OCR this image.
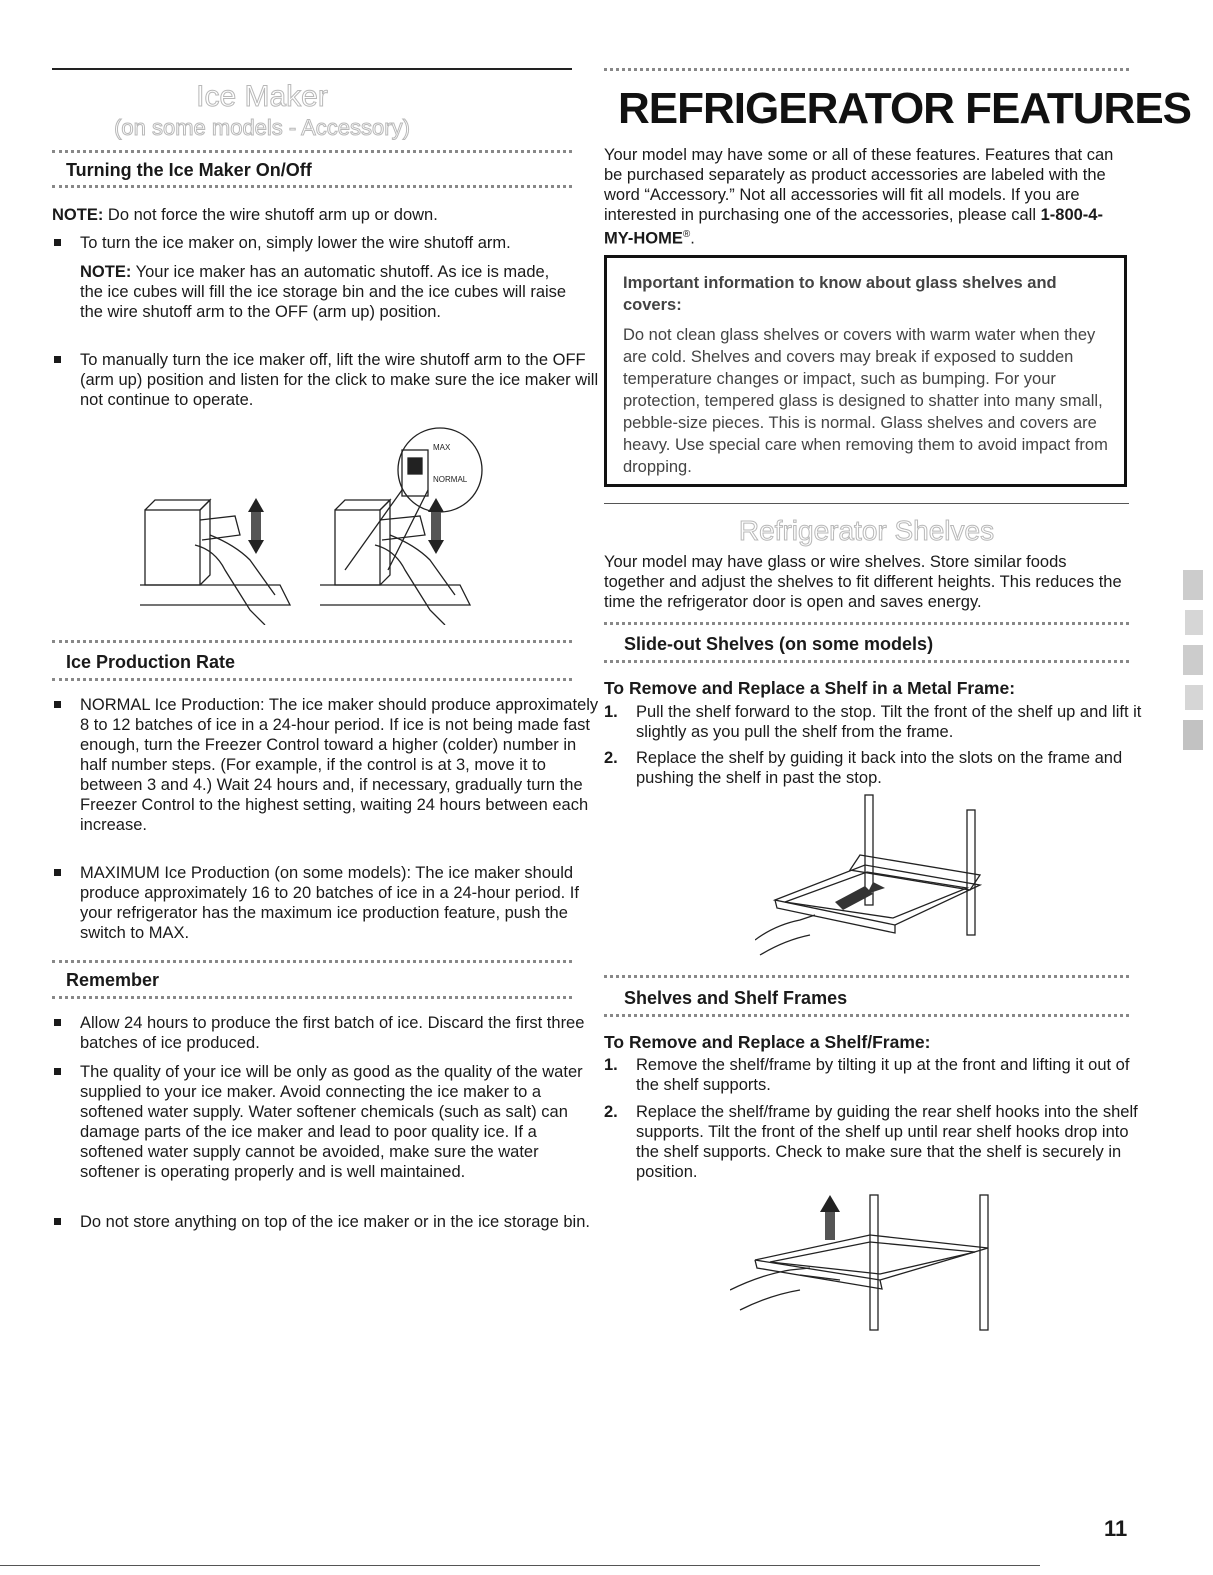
Ice Maker
(on some models - Accessory)
Turning the Ice Maker On/Off
NOTE: Do not force the wire shutoff arm up or down.
To turn the ice maker on, simply lower the wire shutoff arm.
NOTE: Your ice maker has an automatic shutoff. As ice is made, the ice cubes will fill the ice storage bin and the ice cubes will raise the wire shutoff arm to the OFF (arm up) position.
To manually turn the ice maker off, lift the wire shutoff arm to the OFF (arm up) position and listen for the click to make sure the ice maker will not continue to operate.
MAX
NORMAL
Ice Production Rate
NORMAL Ice Production: The ice maker should produce approximately 8 to 12 batches of ice in a 24-hour period. If ice is not being made fast enough, turn the Freezer Control toward a higher (colder) number in half number steps. (For example, if the control is at 3, move it to between 3 and 4.) Wait 24 hours and, if necessary, gradually turn the Freezer Control to the highest setting, waiting 24 hours between each increase.
MAXIMUM Ice Production (on some models): The ice maker should produce approximately 16 to 20 batches of ice in a 24-hour period. If your refrigerator has the maximum ice production feature, push the switch to MAX.
Remember
Allow 24 hours to produce the first batch of ice. Discard the first three batches of ice produced.
The quality of your ice will be only as good as the quality of the water supplied to your ice maker. Avoid connecting the ice maker to a softened water supply. Water softener chemicals (such as salt) can damage parts of the ice maker and lead to poor quality ice. If a softened water supply cannot be avoided, make sure the water softener is operating properly and is well maintained.
Do not store anything on top of the ice maker or in the ice storage bin.
REFRIGERATOR FEATURES
Your model may have some or all of these features. Features that can be purchased separately as product accessories are labeled with the word “Accessory.” Not all accessories will fit all models. If you are interested in purchasing one of the accessories, please call 1-800-4-MY-HOME®.
Important information to know about glass shelves and covers:

Do not clean glass shelves or covers with warm water when they are cold. Shelves and covers may break if exposed to sudden temperature changes or impact, such as bumping. For your protection, tempered glass is designed to shatter into many small, pebble-size pieces. This is normal. Glass shelves and covers are heavy. Use special care when removing them to avoid impact from dropping.

Refrigerator Shelves
Your model may have glass or wire shelves. Store similar foods together and adjust the shelves to fit different heights. This reduces the time the refrigerator door is open and saves energy.
Slide-out Shelves (on some models)
To Remove and Replace a Shelf in a Metal Frame:
1. Pull the shelf forward to the stop. Tilt the front of the shelf up and lift it slightly as you pull the shelf from the frame.
2. Replace the shelf by guiding it back into the slots on the frame and pushing the shelf in past the stop.
Shelves and Shelf Frames
To Remove and Replace a Shelf/Frame:
1. Remove the shelf/frame by tilting it up at the front and lifting it out of the shelf supports.
2. Replace the shelf/frame by guiding the rear shelf hooks into the shelf supports. Tilt the front of the shelf up until rear shelf hooks drop into the shelf supports. Check to make sure that the shelf is securely in position.
11
